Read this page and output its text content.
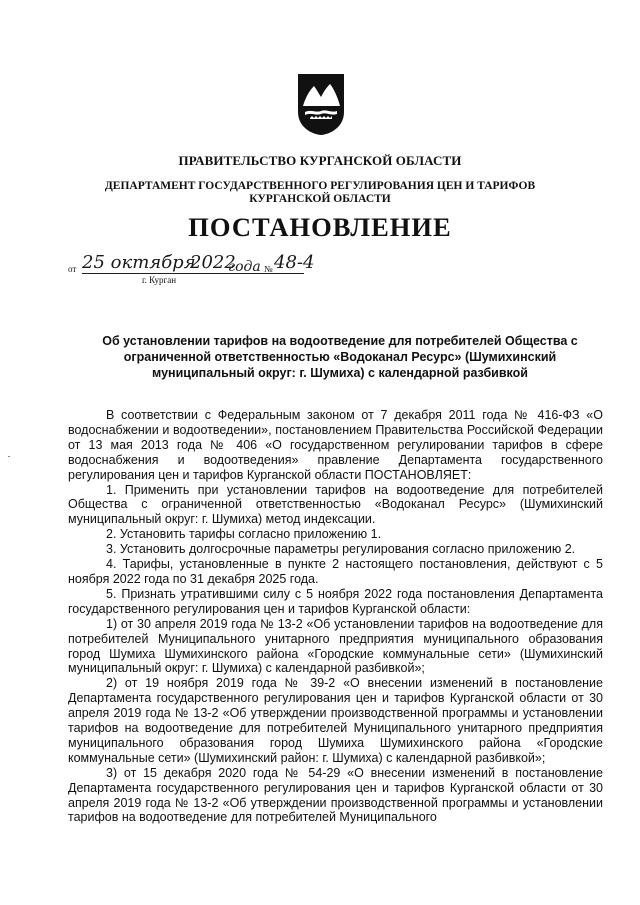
ПРАВИТЕЛЬСТВО КУРГАНСКОЙ ОБЛАСТИ
ДЕПАРТАМЕНТ ГОСУДАРСТВЕННОГО РЕГУЛИРОВАНИЯ ЦЕН И ТАРИФОВ
КУРГАНСКОЙ ОБЛАСТИ
ПОСТАНОВЛЕНИЕ
от 25 октября
2022
года № 48-4
г. Курган
Об установлении тарифов на водоотведение для потребителей Общества с
ограниченной ответственностью «Водоканал Ресурс» (Шумихинский
муниципальный округ: г. Шумиха) с календарной разбивкой

В соответствии с Федеральным законом от 7 декабря 2011 года № 416-ФЗ «О водоснабжении и водоотведении», постановлением Правительства Российской Федерации от 13 мая 2013 года № 406 «О государственном регулировании тарифов в сфере водоснабжения и водоотведения» правление Департамента государственного регулирования цен и тарифов Курганской области ПОСТАНОВЛЯЕТ:

1. Применить при установлении тарифов на водоотведение для потребителей Общества с ограниченной ответственностью «Водоканал Ресурс» (Шумихинский муниципальный округ: г. Шумиха) метод индексации.

2. Установить тарифы согласно приложению 1.

3. Установить долгосрочные параметры регулирования согласно приложению 2.

4. Тарифы, установленные в пункте 2 настоящего постановления, действуют с 5 ноября 2022 года по 31 декабря 2025 года.

5. Признать утратившими силу с 5 ноября 2022 года постановления Департамента государственного регулирования цен и тарифов Курганской области:

1) от 30 апреля 2019 года № 13-2 «Об установлении тарифов на водоотведение для потребителей Муниципального унитарного предприятия муниципального образования город Шумиха Шумихинского района «Городские коммунальные сети» (Шумихинский муниципальный округ: г. Шумиха) с календарной разбивкой»;

2) от 19 ноября 2019 года № 39-2 «О внесении изменений в постановление Департамента государственного регулирования цен и тарифов Курганской области от 30 апреля 2019 года № 13-2 «Об утверждении производственной программы и установлении тарифов на водоотведение для потребителей Муниципального унитарного предприятия муниципального образования город Шумиха Шумихинского района «Городские коммунальные сети» (Шумихинский район: г. Шумиха) с календарной разбивкой»;

3) от 15 декабря 2020 года № 54-29 «О внесении изменений в постановление Департамента государственного регулирования цен и тарифов Курганской области от 30 апреля 2019 года № 13-2 «Об утверждении производственной программы и установлении тарифов на водоотведение для потребителей Муниципального
